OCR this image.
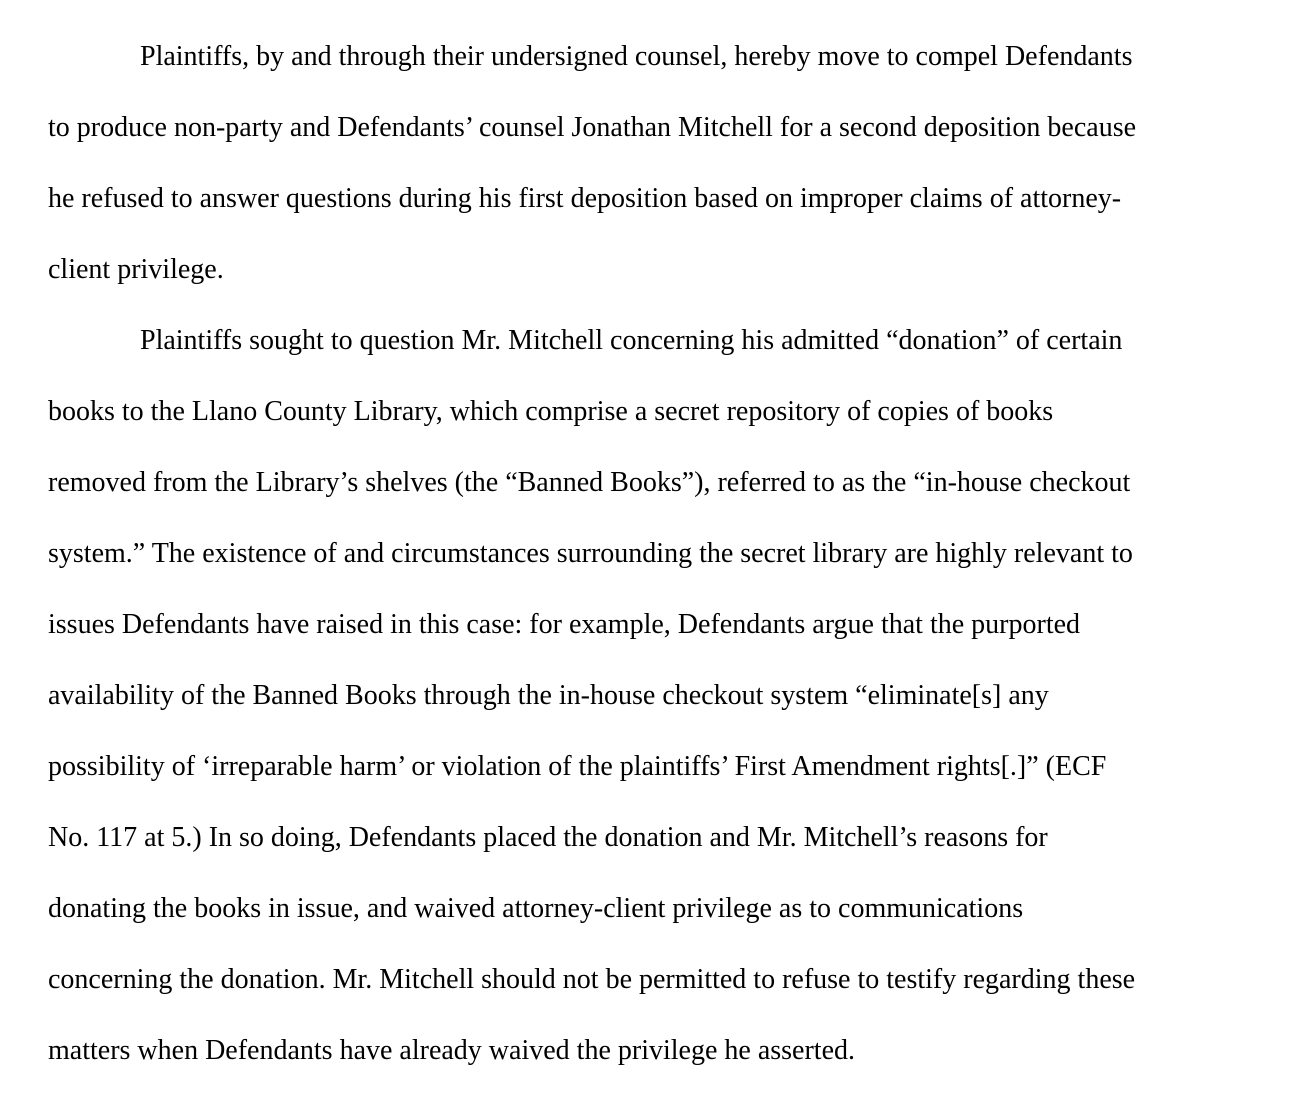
Plaintiffs, by and through their undersigned counsel, hereby move to compel Defendants
to produce non-party and Defendants’ counsel Jonathan Mitchell for a second deposition because
he refused to answer questions during his first deposition based on improper claims of attorney-
client privilege.
Plaintiffs sought to question Mr. Mitchell concerning his admitted “donation” of certain
books to the Llano County Library, which comprise a secret repository of copies of books
removed from the Library’s shelves (the “Banned Books”), referred to as the “in-house checkout
system.” The existence of and circumstances surrounding the secret library are highly relevant to
issues Defendants have raised in this case: for example, Defendants argue that the purported
availability of the Banned Books through the in-house checkout system “eliminate[s] any
possibility of ‘irreparable harm’ or violation of the plaintiffs’ First Amendment rights[.]” (ECF
No. 117 at 5.) In so doing, Defendants placed the donation and Mr. Mitchell’s reasons for
donating the books in issue, and waived attorney-client privilege as to communications
concerning the donation. Mr. Mitchell should not be permitted to refuse to testify regarding these
matters when Defendants have already waived the privilege he asserted.
